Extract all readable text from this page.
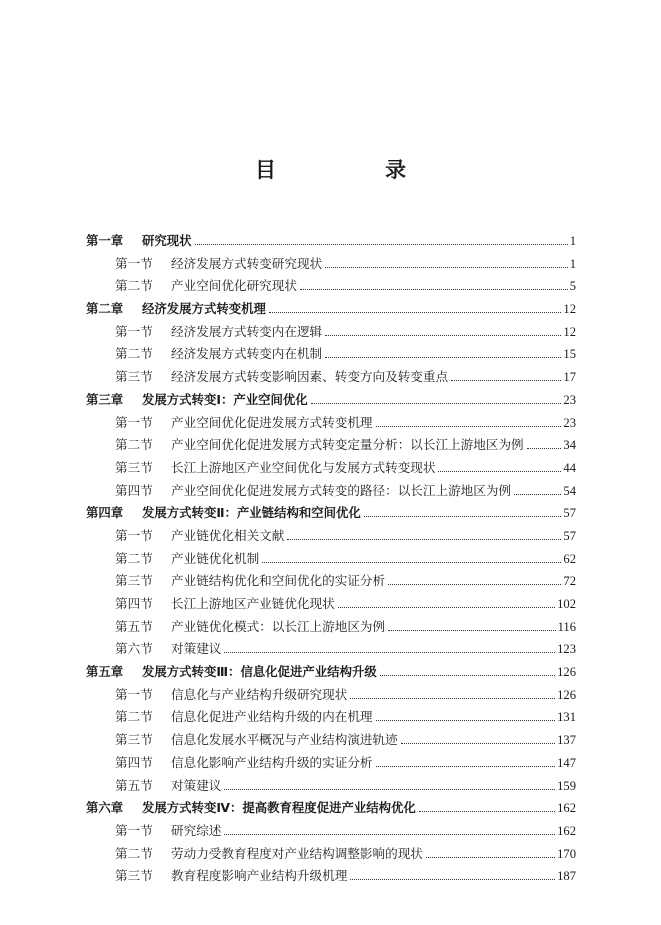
目　录
第一章	研究现状	1
第一节	经济发展方式转变研究现状	1
第二节	产业空间优化研究现状	5
第二章	经济发展方式转变机理	12
第一节	经济发展方式转变内在逻辑	12
第二节	经济发展方式转变内在机制	15
第三节	经济发展方式转变影响因素、转变方向及转变重点	17
第三章	发展方式转变Ⅰ：产业空间优化	23
第一节	产业空间优化促进发展方式转变机理	23
第二节	产业空间优化促进发展方式转变定量分析：以长江上游地区为例	34
第三节	长江上游地区产业空间优化与发展方式转变现状	44
第四节	产业空间优化促进发展方式转变的路径：以长江上游地区为例	54
第四章	发展方式转变Ⅱ：产业链结构和空间优化	57
第一节	产业链优化相关文献	57
第二节	产业链优化机制	62
第三节	产业链结构优化和空间优化的实证分析	72
第四节	长江上游地区产业链优化现状	102
第五节	产业链优化模式：以长江上游地区为例	116
第六节	对策建议	123
第五章	发展方式转变Ⅲ：信息化促进产业结构升级	126
第一节	信息化与产业结构升级研究现状	126
第二节	信息化促进产业结构升级的内在机理	131
第三节	信息化发展水平概况与产业结构演进轨迹	137
第四节	信息化影响产业结构升级的实证分析	147
第五节	对策建议	159
第六章	发展方式转变Ⅳ：提高教育程度促进产业结构优化	162
第一节	研究综述	162
第二节	劳动力受教育程度对产业结构调整影响的现状	170
第三节	教育程度影响产业结构升级机理	187
